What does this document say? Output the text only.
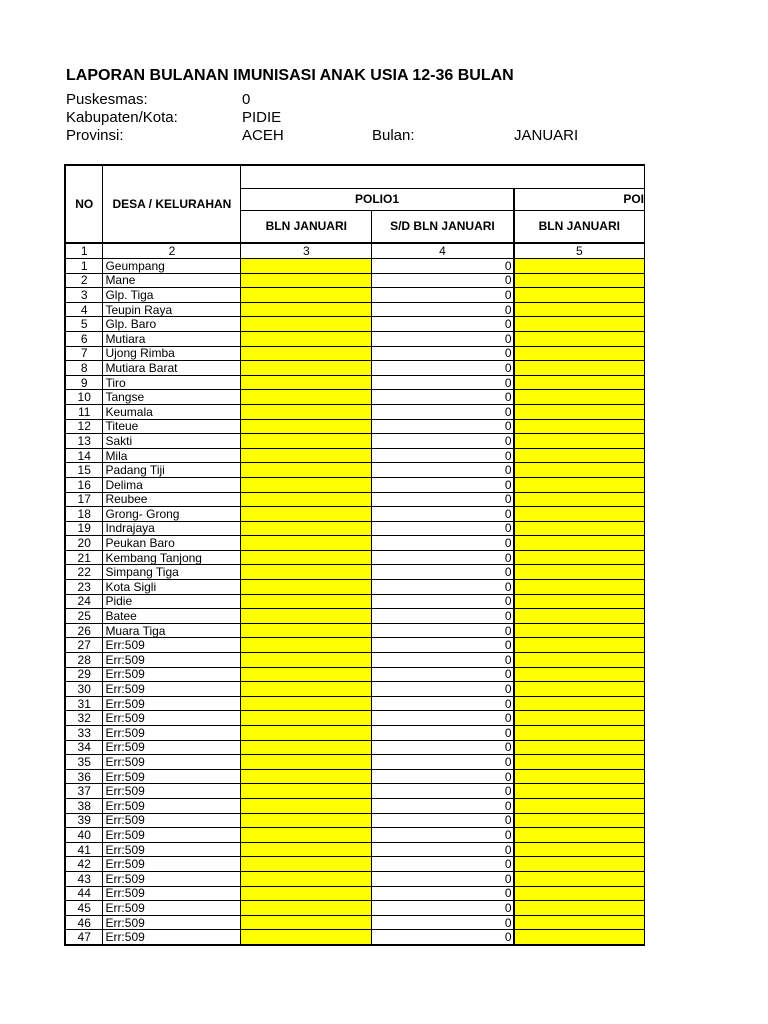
LAPORAN BULANAN IMUNISASI ANAK USIA 12-36 BULAN
Puskesmas:	0
Kabupaten/Kota:	PIDIE
Provinsi:	ACEH	Bulan:	JANUARI
NO	DESA / KELURAHAN			
		POLIO1		POI
		BLN JANUARI	S/D BLN JANUARI	BLN JANUARI
1	2	3	4	5
1	Geumpang		0	
2	Mane		0	
3	Glp. Tiga		0	
4	Teupin Raya		0	
5	Glp. Baro		0	
6	Mutiara		0	
7	Ujong Rimba		0	
8	Mutiara Barat		0	
9	Tiro		0	
10	Tangse		0	
11	Keumala		0	
12	Titeue		0	
13	Sakti		0	
14	Mila		0	
15	Padang Tiji		0	
16	Delima		0	
17	Reubee		0	
18	Grong- Grong		0	
19	Indrajaya		0	
20	Peukan Baro		0	
21	Kembang Tanjong		0	
22	Simpang Tiga		0	
23	Kota Sigli		0	
24	Pidie		0	
25	Batee		0	
26	Muara Tiga		0	
27	Err:509		0	
28	Err:509		0	
29	Err:509		0	
30	Err:509		0	
31	Err:509		0	
32	Err:509		0	
33	Err:509		0	
34	Err:509		0	
35	Err:509		0	
36	Err:509		0	
37	Err:509		0	
38	Err:509		0	
39	Err:509		0	
40	Err:509		0	
41	Err:509		0	
42	Err:509		0	
43	Err:509		0	
44	Err:509		0	
45	Err:509		0	
46	Err:509		0	
47	Err:509		0	
